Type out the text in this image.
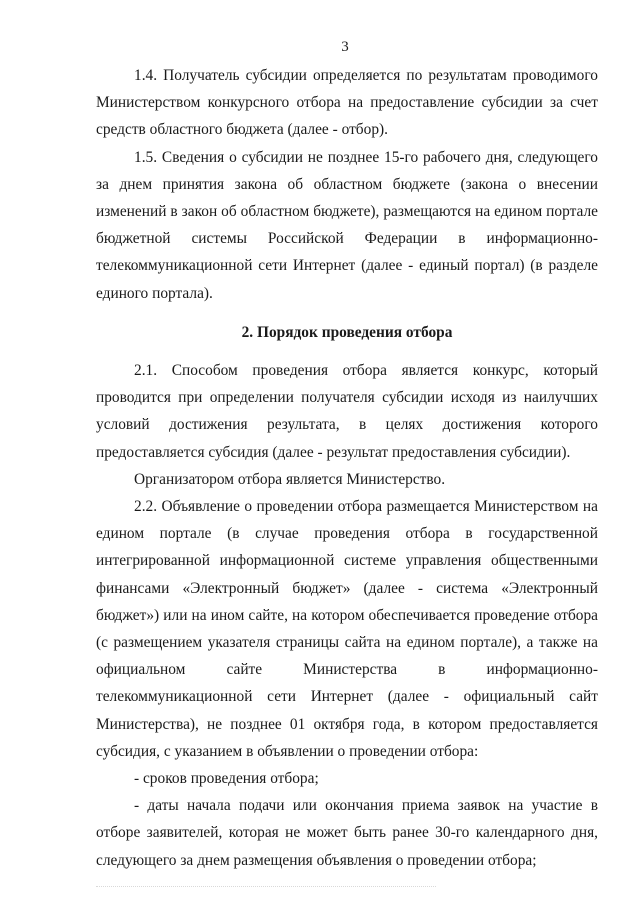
3

1.4. Получатель субсидии определяется по результатам проводимого Министерством конкурсного отбора на предоставление субсидии за счет средств областного бюджета (далее - отбор).

1.5. Сведения о субсидии не позднее 15-го рабочего дня, следующего за днем принятия закона об областном бюджете (закона о внесении изменений в закон об областном бюджете), размещаются на едином портале бюджетной системы Российской Федерации в информационно-телекоммуникационной сети Интернет (далее - единый портал) (в разделе единого портала).

2. Порядок проведения отбора

2.1. Способом проведения отбора является конкурс, который проводится при определении получателя субсидии исходя из наилучших условий достижения результата, в целях достижения которого предоставляется субсидия (далее - результат предоставления субсидии).

Организатором отбора является Министерство.

2.2. Объявление о проведении отбора размещается Министерством на едином портале (в случае проведения отбора в государственной интегрированной информационной системе управления общественными финансами «Электронный бюджет» (далее - система «Электронный бюджет») или на ином сайте, на котором обеспечивается проведение отбора (с размещением указателя страницы сайта на едином портале), а также на официальном сайте Министерства в информационно-телекоммуникационной сети Интернет (далее - официальный сайт Министерства), не позднее 01 октября года, в котором предоставляется субсидия, с указанием в объявлении о проведении отбора:

- сроков проведения отбора;

- даты начала подачи или окончания приема заявок на участие в отборе заявителей, которая не может быть ранее 30-го календарного дня, следующего за днем размещения объявления о проведении отбора;
